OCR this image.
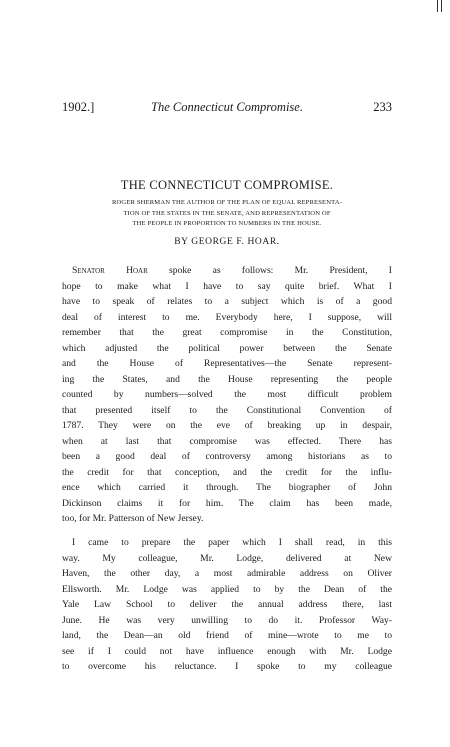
1902.]	The Connecticut Compromise.	233
THE CONNECTICUT COMPROMISE.
ROGER SHERMAN THE AUTHOR OF THE PLAN OF EQUAL REPRESENTA-
TION OF THE STATES IN THE SENATE, AND REPRESENTATION OF
THE PEOPLE IN PROPORTION TO NUMBERS IN THE HOUSE.
BY GEORGE F. HOAR.
Senator Hoar spoke as follows: Mr. President, I
hope to make what I have to say quite brief. What I
have to speak of relates to a subject which is of a good
deal of interest to me. Everybody here, I suppose, will
remember that the great compromise in the Constitution,
which adjusted the political power between the Senate
and the House of Representatives—the Senate represent-
ing the States, and the House representing the people
counted by numbers—solved the most difficult problem
that presented itself to the Constitutional Convention of
1787. They were on the eve of breaking up in despair,
when at last that compromise was effected. There has
been a good deal of controversy among historians as to
the credit for that conception, and the credit for the influ-
ence which carried it through. The biographer of John
Dickinson claims it for him. The claim has been made,
too, for Mr. Patterson of New Jersey.
I came to prepare the paper which I shall read, in this
way. My colleague, Mr. Lodge, delivered at New
Haven, the other day, a most admirable address on Oliver
Ellsworth. Mr. Lodge was applied to by the Dean of the
Yale Law School to deliver the annual address there, last
June. He was very unwilling to do it. Professor Way-
land, the Dean—an old friend of mine—wrote to me to
see if I could not have influence enough with Mr. Lodge
to overcome his reluctance. I spoke to my colleague
